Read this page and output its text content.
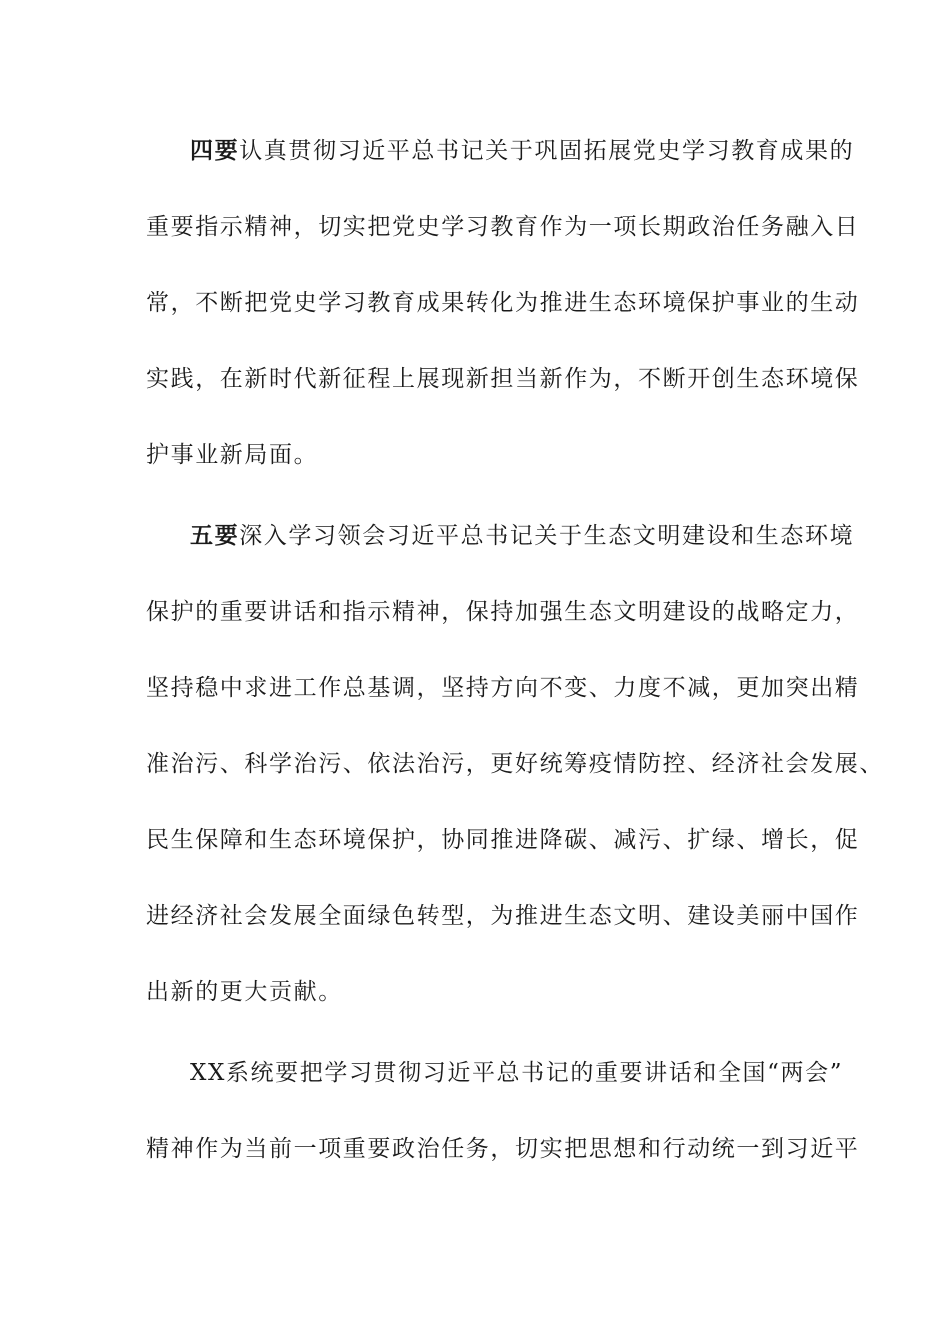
四要认真贯彻习近平总书记关于巩固拓展党史学习教育成果的
重要指示精神，切实把党史学习教育作为一项长期政治任务融入日
常，不断把党史学习教育成果转化为推进生态环境保护事业的生动
实践，在新时代新征程上展现新担当新作为，不断开创生态环境保
护事业新局面。
五要深入学习领会习近平总书记关于生态文明建设和生态环境
保护的重要讲话和指示精神，保持加强生态文明建设的战略定力，
坚持稳中求进工作总基调，坚持方向不变、力度不减，更加突出精
准治污、科学治污、依法治污，更好统筹疫情防控、经济社会发展、
民生保障和生态环境保护，协同推进降碳、减污、扩绿、增长，促
进经济社会发展全面绿色转型，为推进生态文明、建设美丽中国作
出新的更大贡献。
XX系统要把学习贯彻习近平总书记的重要讲话和全国“两会”
精神作为当前一项重要政治任务，切实把思想和行动统一到习近平
